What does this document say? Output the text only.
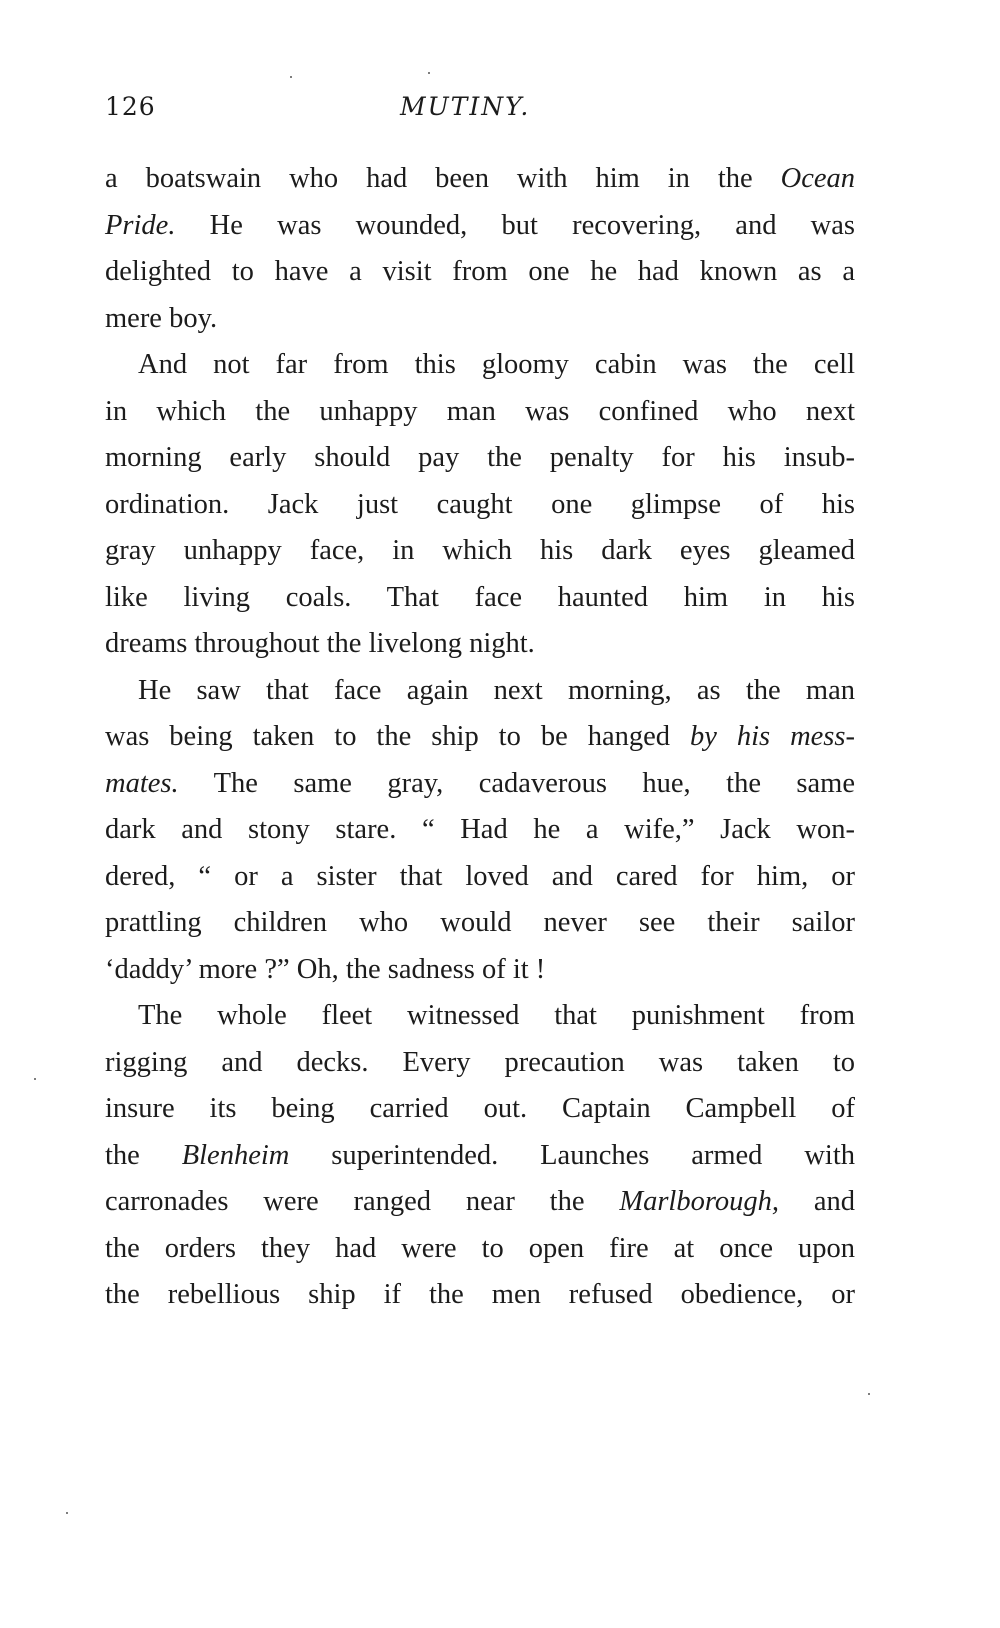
126	MUTINY.
a boatswain who had been with him in the Ocean
Pride. He was wounded, but recovering, and was
delighted to have a visit from one he had known as a
mere boy.
And not far from this gloomy cabin was the cell
in which the unhappy man was confined who next
morning early should pay the penalty for his insub-
ordination. Jack just caught one glimpse of his
gray unhappy face, in which his dark eyes gleamed
like living coals. That face haunted him in his
dreams throughout the livelong night.
He saw that face again next morning, as the man
was being taken to the ship to be hanged by his mess-
mates. The same gray, cadaverous hue, the same
dark and stony stare. “ Had he a wife,” Jack won-
dered, “ or a sister that loved and cared for him, or
prattling children who would never see their sailor
‘daddy’ more ?” Oh, the sadness of it !
The whole fleet witnessed that punishment from
rigging and decks. Every precaution was taken to
insure its being carried out. Captain Campbell of
the Blenheim superintended. Launches armed with
carronades were ranged near the Marlborough, and
the orders they had were to open fire at once upon
the rebellious ship if the men refused obedience, or
